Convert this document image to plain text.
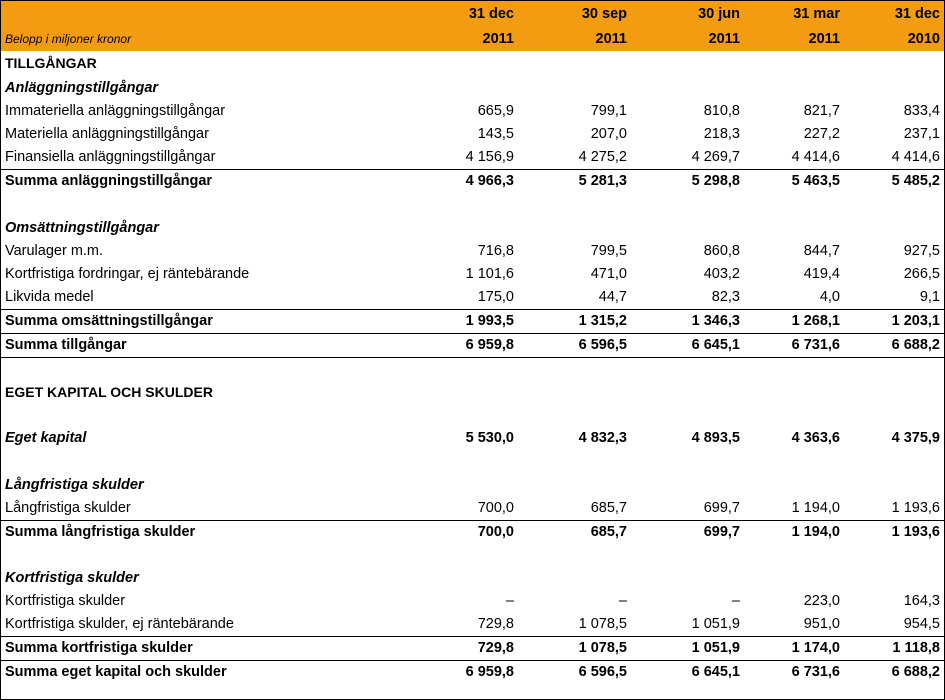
	31 dec	30 sep	30 jun	31 mar	31 dec
Belopp i miljoner kronor	2011	2011	2011	2011	2010
TILLGÅNGAR					
Anläggningstillgångar					
Immateriella anläggningstillgångar	665,9	799,1	810,8	821,7	833,4
Materiella anläggningstillgångar	143,5	207,0	218,3	227,2	237,1
Finansiella anläggningstillgångar	4 156,9	4 275,2	4 269,7	4 414,6	4 414,6
Summa anläggningstillgångar	4 966,3	5 281,3	5 298,8	5 463,5	5 485,2

Omsättningstillgångar					
Varulager m.m.	716,8	799,5	860,8	844,7	927,5
Kortfristiga fordringar, ej räntebärande	1 101,6	471,0	403,2	419,4	266,5
Likvida medel	175,0	44,7	82,3	4,0	9,1
Summa omsättningstillgångar	1 993,5	1 315,2	1 346,3	1 268,1	1 203,1
Summa tillgångar	6 959,8	6 596,5	6 645,1	6 731,6	6 688,2

EGET KAPITAL OCH SKULDER					

Eget kapital	5 530,0	4 832,3	4 893,5	4 363,6	4 375,9

Långfristiga skulder					
Långfristiga skulder	700,0	685,7	699,7	1 194,0	1 193,6
Summa långfristiga skulder	700,0	685,7	699,7	1 194,0	1 193,6

Kortfristiga skulder					
Kortfristiga skulder	–	–	–	223,0	164,3
Kortfristiga skulder, ej räntebärande	729,8	1 078,5	1 051,9	951,0	954,5
Summa kortfristiga skulder	729,8	1 078,5	1 051,9	1 174,0	1 118,8
Summa eget kapital och skulder	6 959,8	6 596,5	6 645,1	6 731,6	6 688,2
